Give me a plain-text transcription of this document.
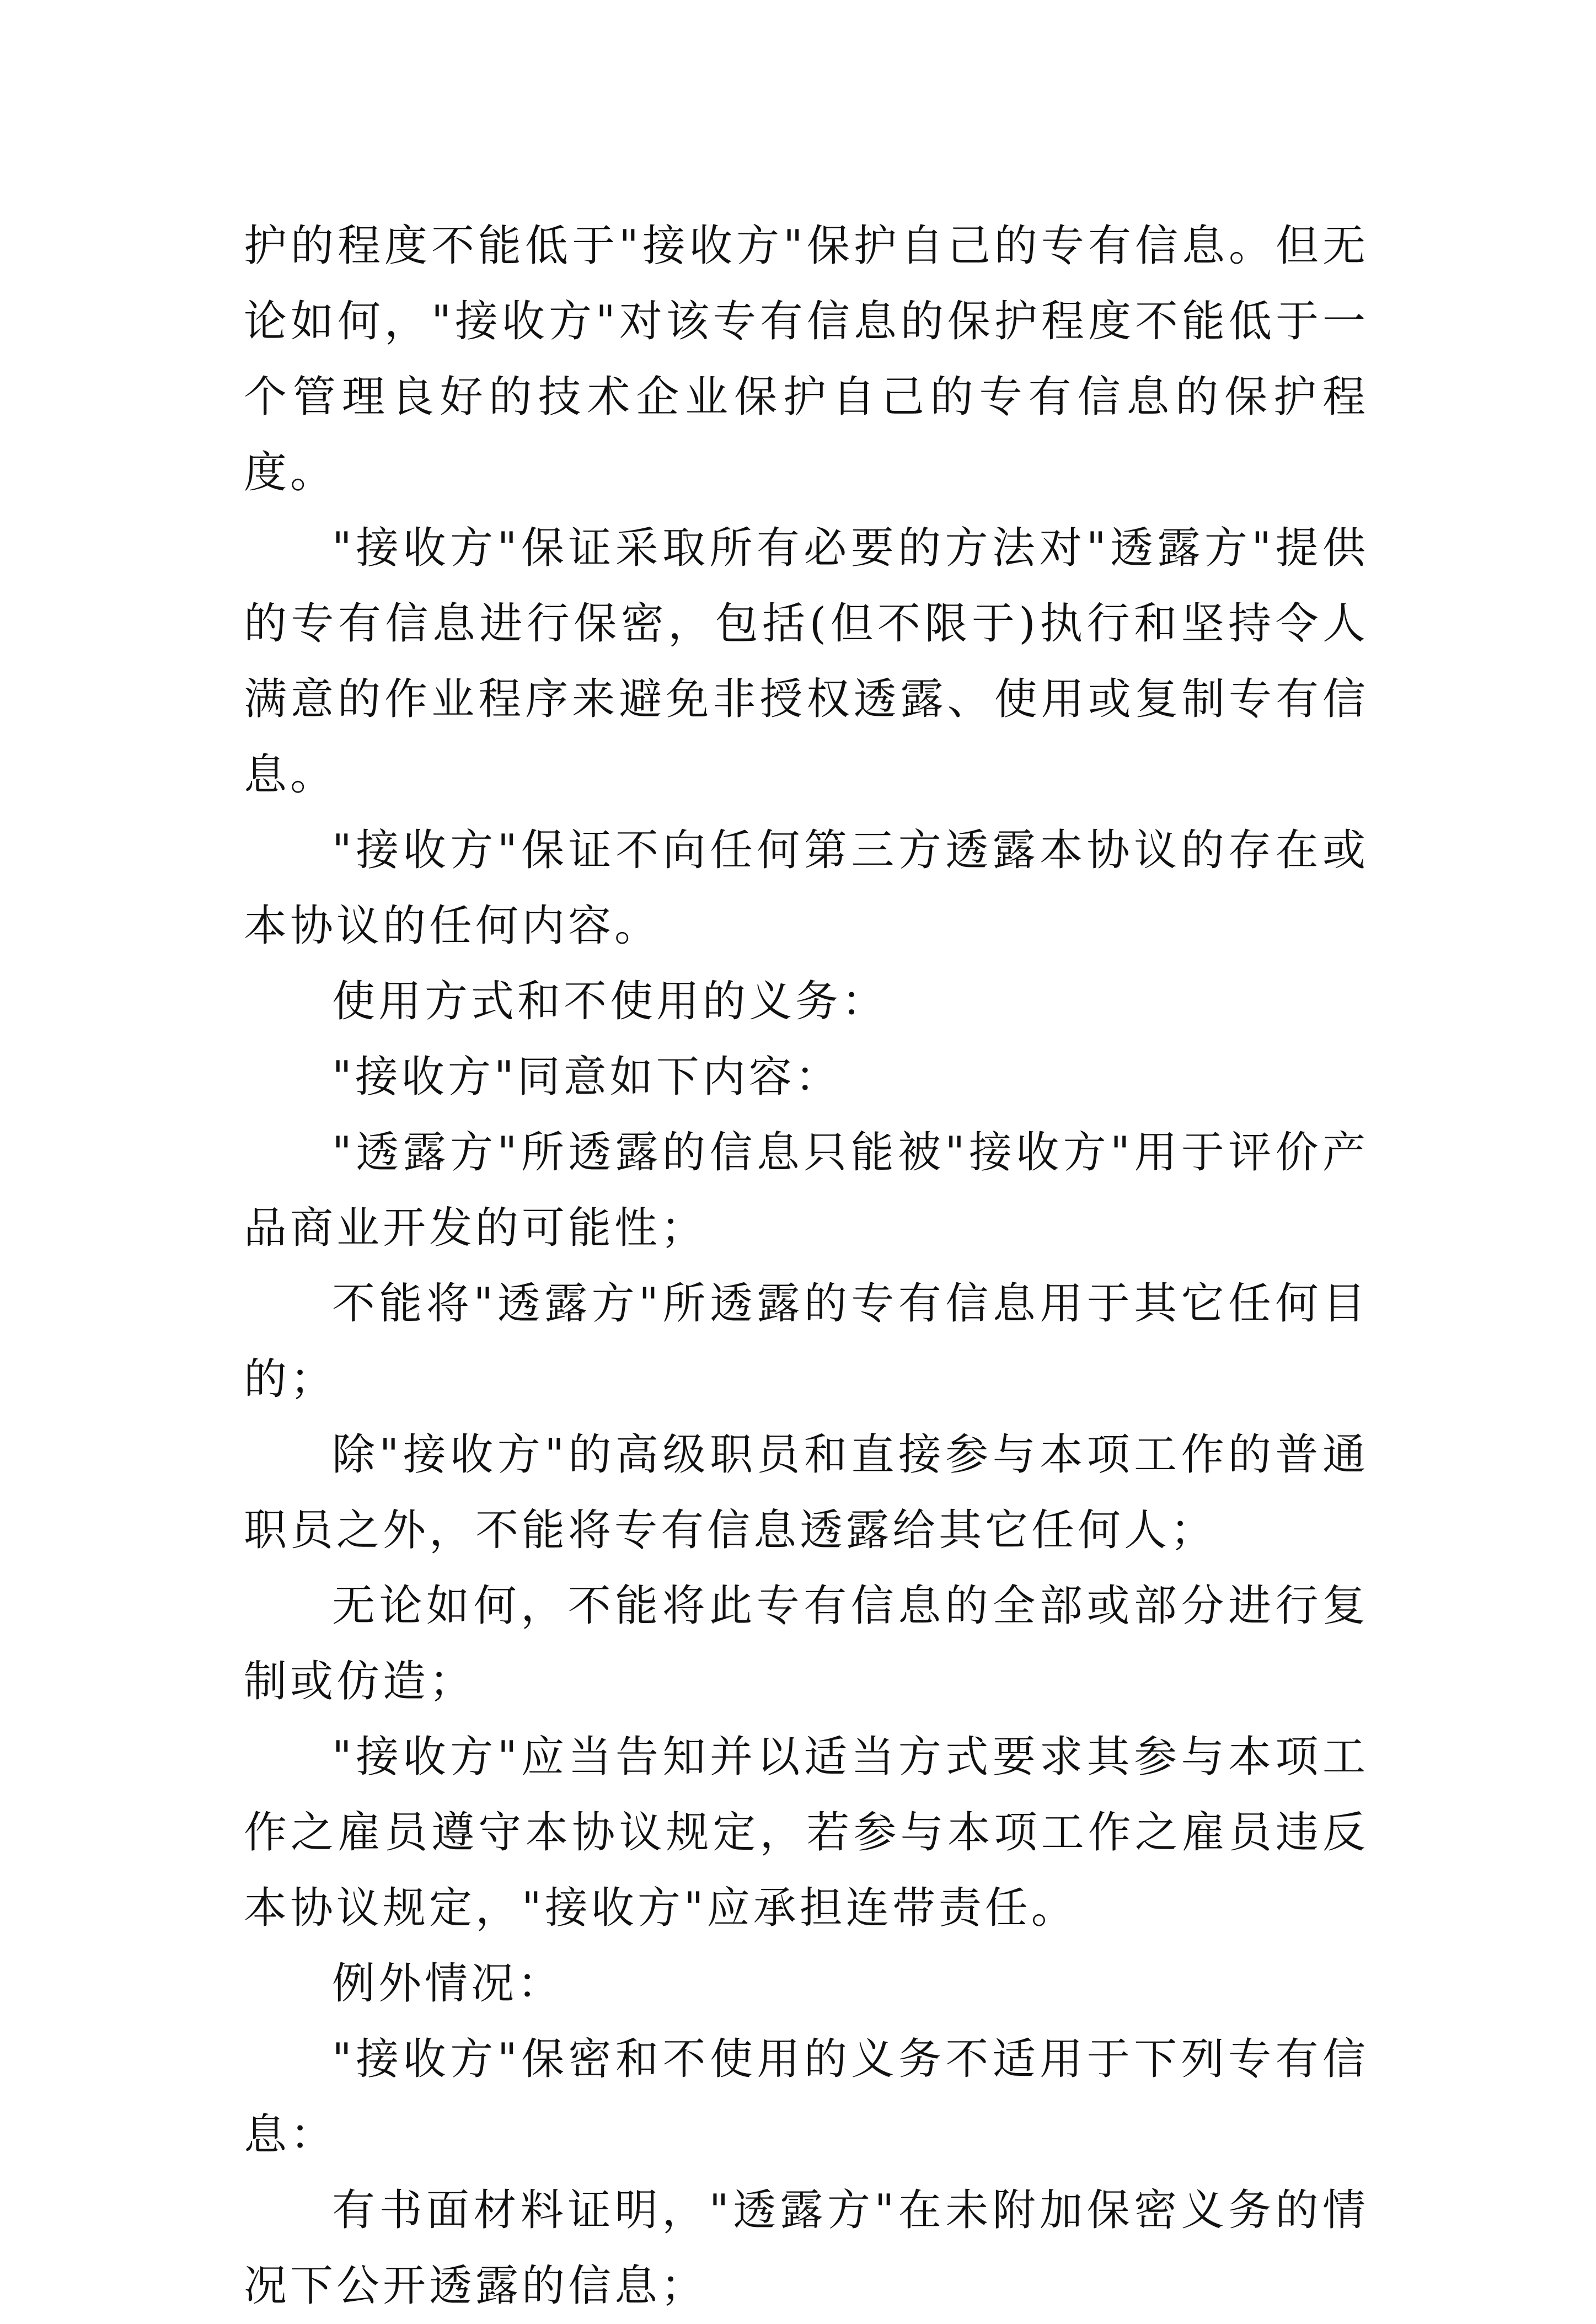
护的程度不能低于"接收方"保护自己的专有信息。但无论如何，"接收方"对该专有信息的保护程度不能低于一个管理良好的技术企业保护自己的专有信息的保护程度。

"接收方"保证采取所有必要的方法对"透露方"提供的专有信息进行保密，包括(但不限于)执行和坚持令人满意的作业程序来避免非授权透露、使用或复制专有信息。

"接收方"保证不向任何第三方透露本协议的存在或本协议的任何内容。

使用方式和不使用的义务：

"接收方"同意如下内容：

"透露方"所透露的信息只能被"接收方"用于评价产品商业开发的可能性；

不能将"透露方"所透露的专有信息用于其它任何目的；

除"接收方"的高级职员和直接参与本项工作的普通职员之外，不能将专有信息透露给其它任何人；

无论如何，不能将此专有信息的全部或部分进行复制或仿造；

"接收方"应当告知并以适当方式要求其参与本项工作之雇员遵守本协议规定，若参与本项工作之雇员违反本协议规定，"接收方"应承担连带责任。

例外情况：

"接收方"保密和不使用的义务不适用于下列专有信息：

有书面材料证明，"透露方"在未附加保密义务的情况下公开透露的信息；
